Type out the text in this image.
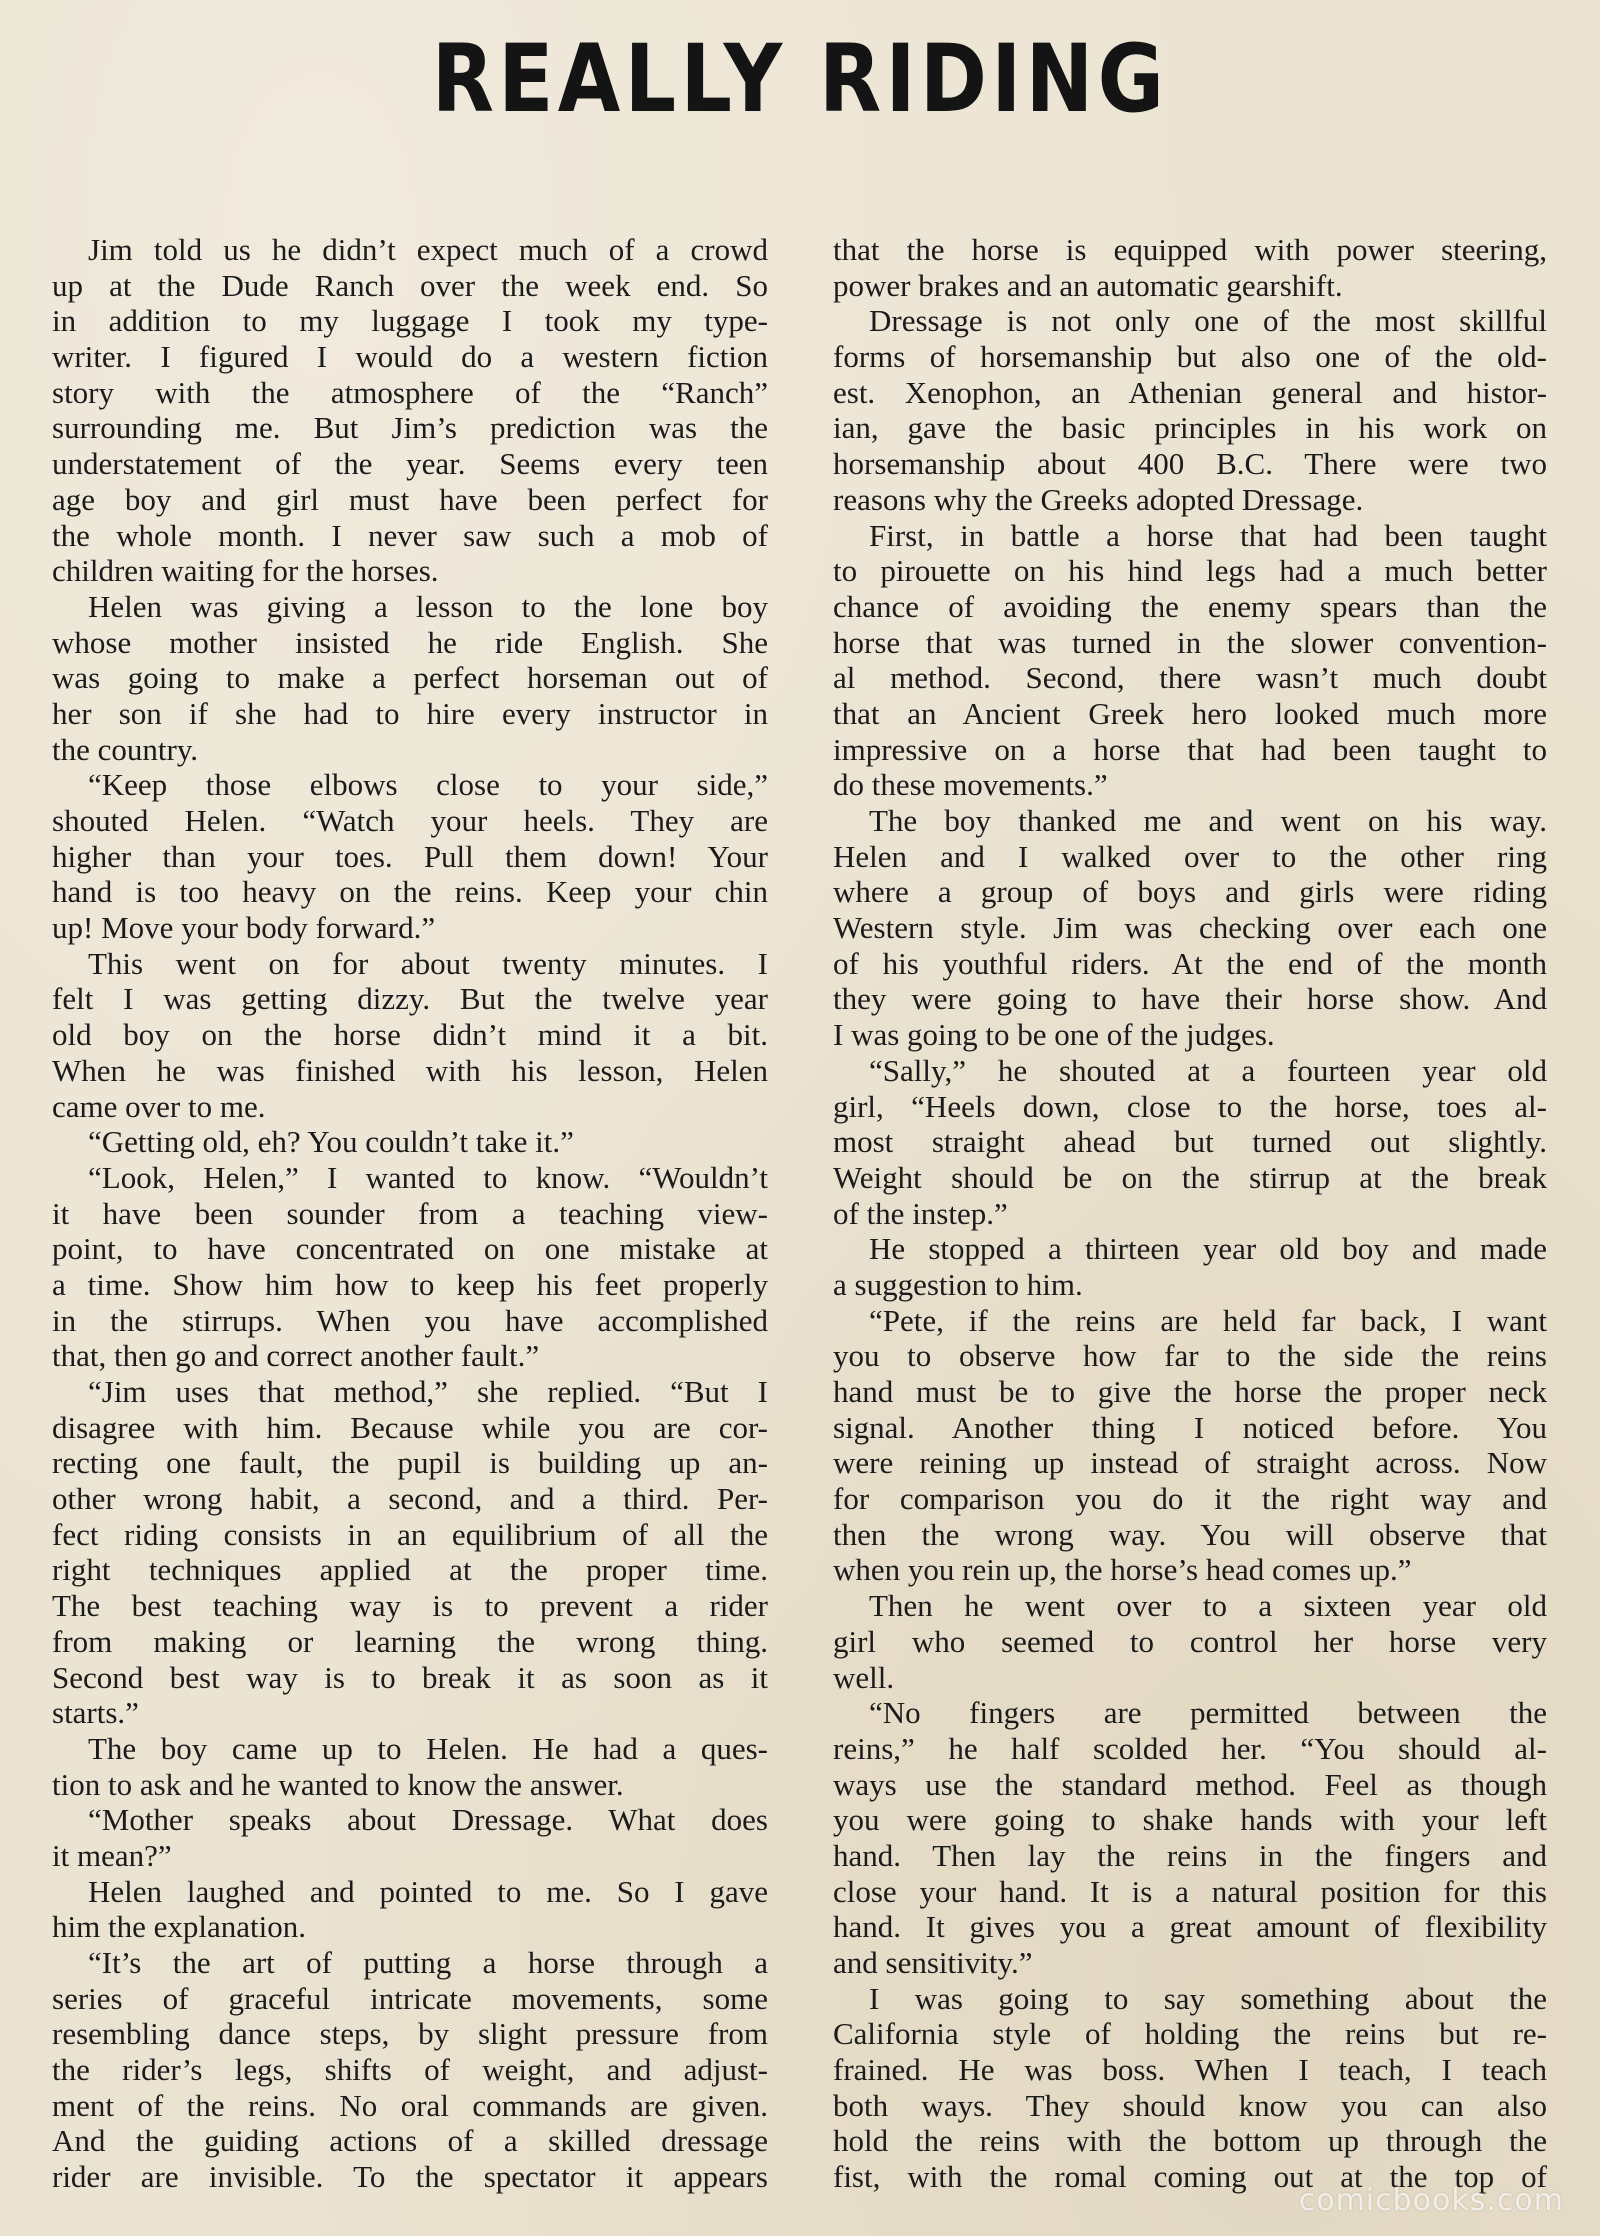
REALLY RIDING
Jim told us he didn’t expect much of a crowd
up at the Dude Ranch over the week end. So
in addition to my luggage I took my type-
writer. I figured I would do a western fiction
story with the atmosphere of the “Ranch”
surrounding me. But Jim’s prediction was the
understatement of the year. Seems every teen
age boy and girl must have been perfect for
the whole month. I never saw such a mob of
children waiting for the horses.
Helen was giving a lesson to the lone boy
whose mother insisted he ride English. She
was going to make a perfect horseman out of
her son if she had to hire every instructor in
the country.
“Keep those elbows close to your side,”
shouted Helen. “Watch your heels. They are
higher than your toes. Pull them down! Your
hand is too heavy on the reins. Keep your chin
up! Move your body forward.”
This went on for about twenty minutes. I
felt I was getting dizzy. But the twelve year
old boy on the horse didn’t mind it a bit.
When he was finished with his lesson, Helen
came over to me.
“Getting old, eh? You couldn’t take it.”
“Look, Helen,” I wanted to know. “Wouldn’t
it have been sounder from a teaching view-
point, to have concentrated on one mistake at
a time. Show him how to keep his feet properly
in the stirrups. When you have accomplished
that, then go and correct another fault.”
“Jim uses that method,” she replied. “But I
disagree with him. Because while you are cor-
recting one fault, the pupil is building up an-
other wrong habit, a second, and a third. Per-
fect riding consists in an equilibrium of all the
right techniques applied at the proper time.
The best teaching way is to prevent a rider
from making or learning the wrong thing.
Second best way is to break it as soon as it
starts.”
The boy came up to Helen. He had a ques-
tion to ask and he wanted to know the answer.
“Mother speaks about Dressage. What does
it mean?”
Helen laughed and pointed to me. So I gave
him the explanation.
“It’s the art of putting a horse through a
series of graceful intricate movements, some
resembling dance steps, by slight pressure from
the rider’s legs, shifts of weight, and adjust-
ment of the reins. No oral commands are given.
And the guiding actions of a skilled dressage
rider are invisible. To the spectator it appears
that the horse is equipped with power steering,
power brakes and an automatic gearshift.
Dressage is not only one of the most skillful
forms of horsemanship but also one of the old-
est. Xenophon, an Athenian general and histor-
ian, gave the basic principles in his work on
horsemanship about 400 B.C. There were two
reasons why the Greeks adopted Dressage.
First, in battle a horse that had been taught
to pirouette on his hind legs had a much better
chance of avoiding the enemy spears than the
horse that was turned in the slower convention-
al method. Second, there wasn’t much doubt
that an Ancient Greek hero looked much more
impressive on a horse that had been taught to
do these movements.”
The boy thanked me and went on his way.
Helen and I walked over to the other ring
where a group of boys and girls were riding
Western style. Jim was checking over each one
of his youthful riders. At the end of the month
they were going to have their horse show. And
I was going to be one of the judges.
“Sally,” he shouted at a fourteen year old
girl, “Heels down, close to the horse, toes al-
most straight ahead but turned out slightly.
Weight should be on the stirrup at the break
of the instep.”
He stopped a thirteen year old boy and made
a suggestion to him.
“Pete, if the reins are held far back, I want
you to observe how far to the side the reins
hand must be to give the horse the proper neck
signal. Another thing I noticed before. You
were reining up instead of straight across. Now
for comparison you do it the right way and
then the wrong way. You will observe that
when you rein up, the horse’s head comes up.”
Then he went over to a sixteen year old
girl who seemed to control her horse very
well.
“No fingers are permitted between the
reins,” he half scolded her. “You should al-
ways use the standard method. Feel as though
you were going to shake hands with your left
hand. Then lay the reins in the fingers and
close your hand. It is a natural position for this
hand. It gives you a great amount of flexibility
and sensitivity.”
I was going to say something about the
California style of holding the reins but re-
frained. He was boss. When I teach, I teach
both ways. They should know you can also
hold the reins with the bottom up through the
fist, with the romal coming out at the top of
comicbooks.com
